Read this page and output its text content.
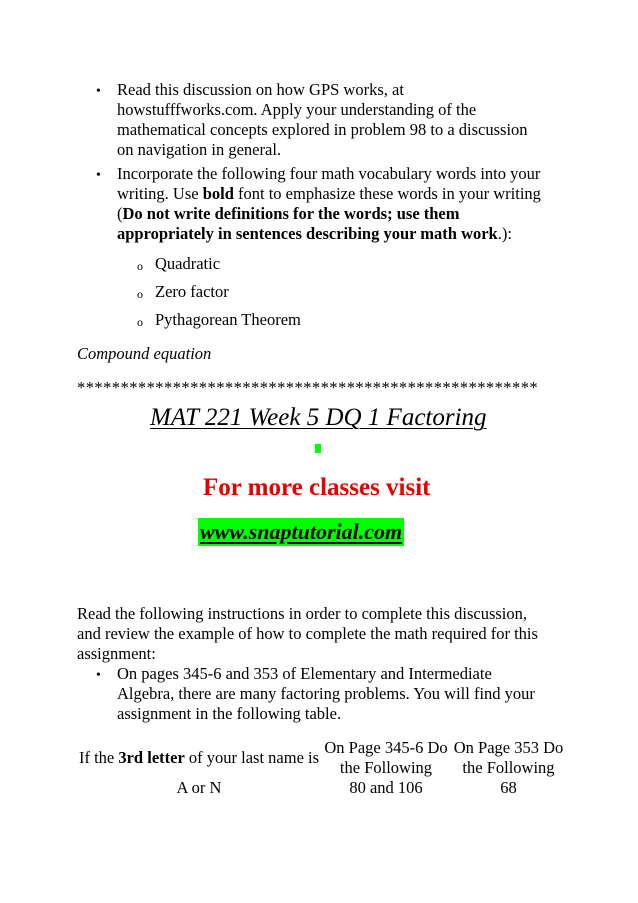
• Read this discussion on how GPS works, at
howstufffworks.com. Apply your understanding of the
mathematical concepts explored in problem 98 to a discussion
on navigation in general.
• Incorporate the following four math vocabulary words into your
writing. Use bold font to emphasize these words in your writing
(Do not write definitions for the words; use them
appropriately in sentences describing your math work.):
o Quadratic
o Zero factor
o Pythagorean Theorem
Compound equation
*****************************************************
MAT 221 Week 5 DQ 1 Factoring
For more classes visit
www.snaptutorial.com
Read the following instructions in order to complete this discussion,
and review the example of how to complete the math required for this
assignment:
• On pages 345-6 and 353 of Elementary and Intermediate
Algebra, there are many factoring problems. You will find your
assignment in the following table.
If the 3rd letter of your last name is	On Page 345-6 Do the Following	On Page 353 Do the Following
A or N	80 and 106	68
